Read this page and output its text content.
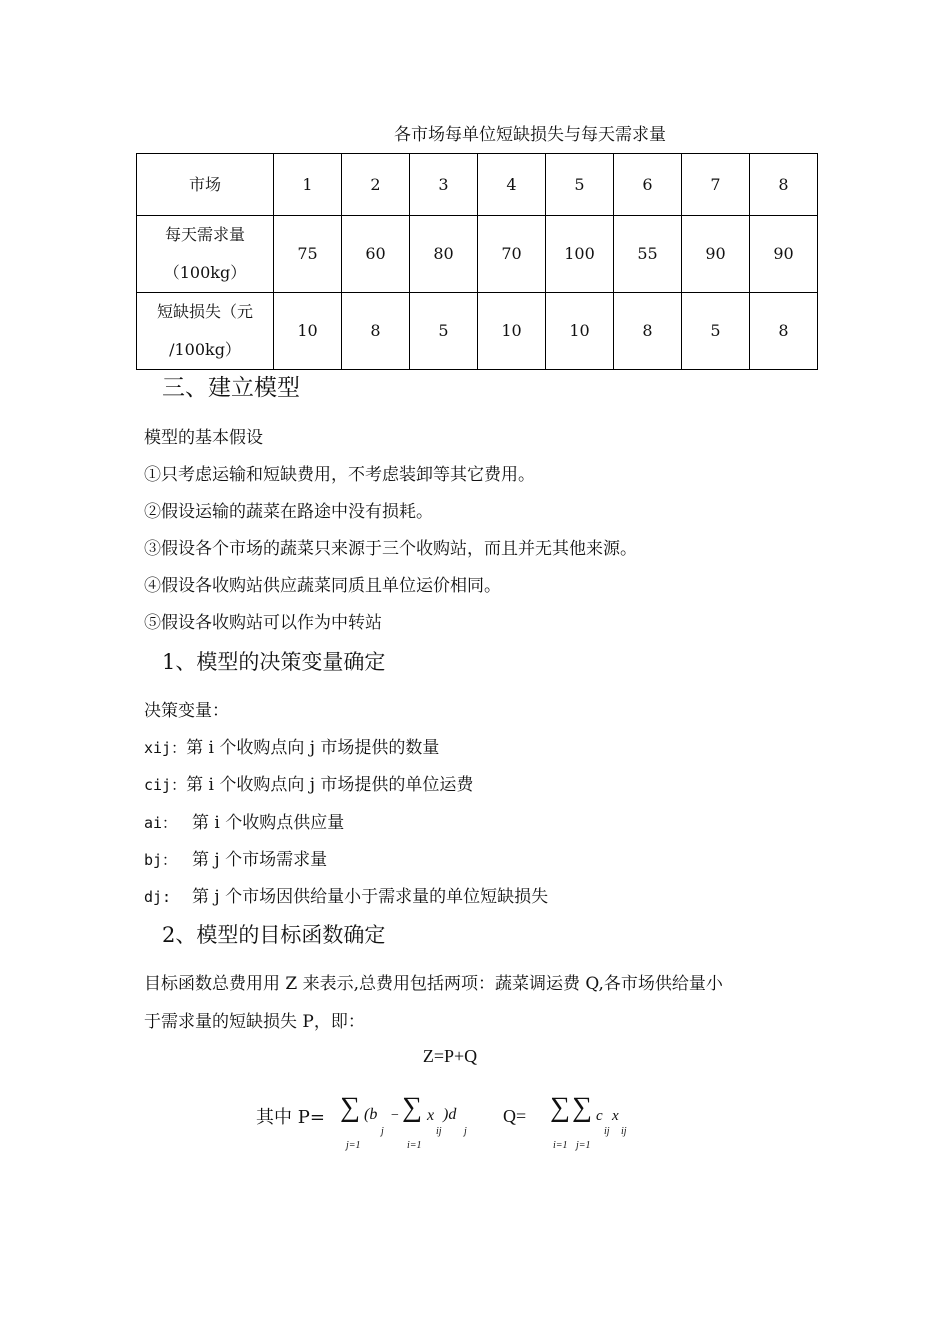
各市场每单位短缺损失与每天需求量
市场	1	2	3	4	5	6	7	8

每天需求量
（100kg）	75	60	80	70	100	55	90	90

短缺损失（元
/100kg）	10	8	5	10	10	8	5	8
三、建立模型
模型的基本假设
①只考虑运输和短缺费用，不考虑装卸等其它费用。
②假设运输的蔬菜在路途中没有损耗。
③假设各个市场的蔬菜只来源于三个收购站，而且并无其他来源。
④假设各收购站供应蔬菜同质且单位运价相同。
⑤假设各收购站可以作为中转站
1、模型的决策变量确定
决策变量：
xij：第 i 个收购点向 j 市场提供的数量
cij：第 i 个收购点向 j 市场提供的单位运费
ai： 第 i 个收购点供应量
bj： 第 j 个市场需求量
dj: 第 j 个市场因供给量小于需求量的单位短缺损失
2、模型的目标函数确定
目标函数总费用用 Z 来表示,总费用包括两项：蔬菜调运费 Q,各市场供给量小
于需求量的短缺损失 P，即：
Z=P+Q
其中 P= ∑ (b
j
− ∑ x
ij
)d
j
j=1	i=1
Q= ∑ ∑ c x
ij ij
i=1 j=1
